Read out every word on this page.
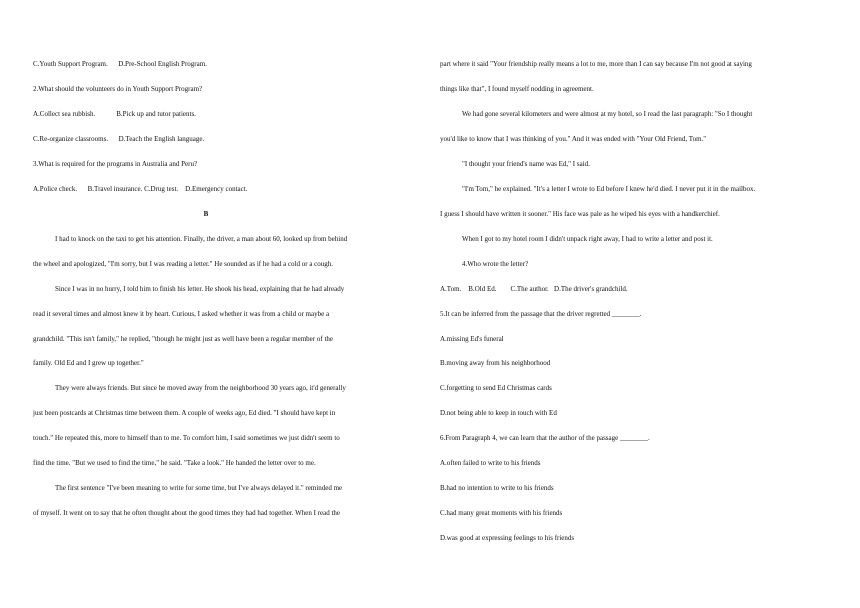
C.Youth Support Program.      D.Pre-School English Program.
2.What should the volunteers do in Youth Support Program?
A.Collect sea rubbish.            B.Pick up and tutor patients.
C.Re-organize classrooms.      D.Teach the English language.
3.What is required for the programs in Australia and Peru?
A.Police check.      B.Travel insurance. C.Drug test.    D.Emergency contact.
B
I had to knock on the taxi to get his attention. Finally, the driver, a man about 60, looked up from behind
the wheel and apologized, "I'm sorry, but I was reading a letter." He sounded as if he had a cold or a cough.
Since I was in no hurry, I told him to finish his letter. He shook his head, explaining that he had already
read it several times and almost knew it by heart. Curious, I asked whether it was from a child or maybe a
grandchild. "This isn't family," he replied, "though he might just as well have been a regular member of the
family. Old Ed and I grew up together."
They were always friends. But since he moved away from the neighborhood 30 years ago, it'd generally
just been postcards at Christmas time between them. A couple of weeks ago, Ed died. "I should have kept in
touch." He repeated this, more to himself than to me. To comfort him, I said sometimes we just didn't seem to
find the time. "But we used to find the time," he said. "Take a look." He handed the letter over to me.
The first sentence "I've been meaning to write for some time, but I've always delayed it." reminded me
of myself. It went on to say that he often thought about the good times they had had together. When I read the
part where it said "Your friendship really means a lot to me, more than I can say because I'm not good at saying
things like that", I found myself nodding in agreement.
We had gone several kilometers and were almost at my hotel, so I read the last paragraph: "So I thought
you'd like to know that I was thinking of you." And it was ended with "Your Old Friend, Tom."
"I thought your friend's name was Ed," I said.
"I'm Tom," he explained. "It's a letter I wrote to Ed before I knew he'd died. I never put it in the mailbox.
I guess I should have written it sooner." His face was pale as he wiped his eyes with a handkerchief.
When I got to my hotel room I didn't unpack right away, I had to write a letter and post it.
4.Who wrote the letter?
A.Tom.    B.Old Ed.        C.The author.   D.The driver's grandchild.
5.It can be inferred from the passage that the driver regretted ________.
A.missing Ed's funeral
B.moving away from his neighborhood
C.forgetting to send Ed Christmas cards
D.not being able to keep in touch with Ed
6.From Paragraph 4, we can learn that the author of the passage ________.
A.often failed to write to his friends
B.had no intention to write to his friends
C.had many great moments with his friends
D.was good at expressing feelings to his friends
